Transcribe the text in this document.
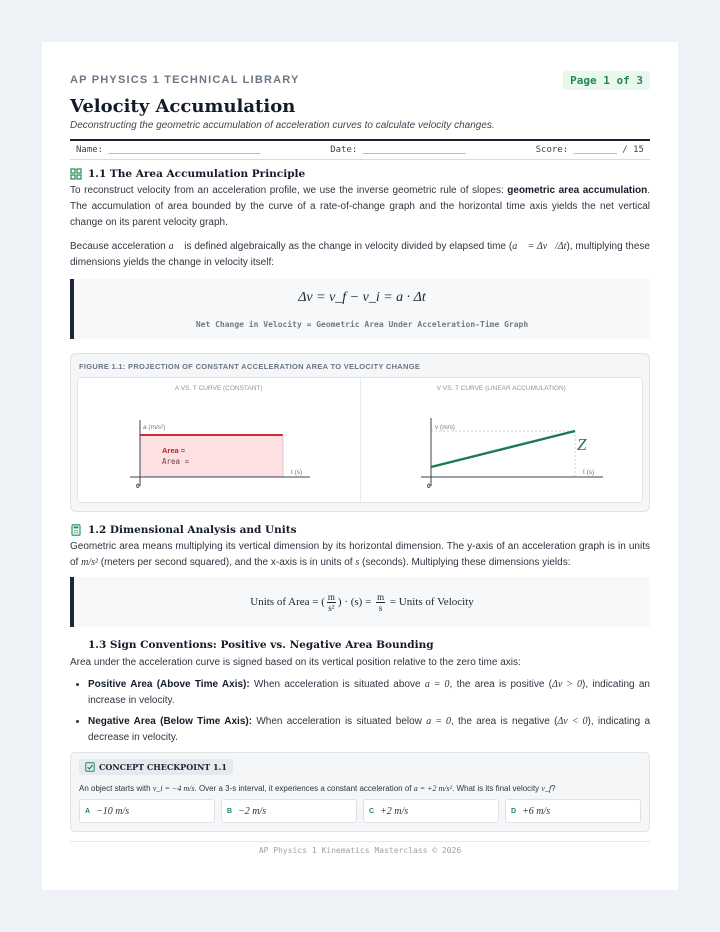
AP PHYSICS 1 TECHNICAL LIBRARY	Page 1 of 3
Velocity Accumulation
Deconstructing the geometric accumulation of acceleration curves to calculate velocity changes.
Name: ____________________________	Date: ___________________	Score: ________ / 15
1.1 The Area Accumulation Principle

To reconstruct velocity from an acceleration profile, we use the inverse geometric rule of slopes: geometric area accumulation. The accumulation of area bounded by the curve of a rate-of-change graph and the horizontal time axis yields the net vertical change on its parent velocity graph.

Because acceleration a⃗ is defined algebraically as the change in velocity divided by elapsed time (a⃗ = Δv⃗/Δt), multiplying these dimensions yields the change in velocity itself:

Δv = v_f − v_i = a · Δt
Net Change in Velocity = Geometric Area Under Acceleration-Time Graph
FIGURE 1.1: PROJECTION OF CONSTANT ACCELERATION AREA TO VELOCITY CHANGE
A VS. T CURVE (CONSTANT)
a (m/s²)
t (s)
0
Area =
Area =
V VS. T CURVE (LINEAR ACCUMULATION)
v (m/s)
t (s)
0
Z
1.2 Dimensional Analysis and Units

Geometric area means multiplying its vertical dimension by its horizontal dimension. The y-axis of an acceleration graph is in units of m/s² (meters per second squared), and the x-axis is in units of s (seconds). Multiplying these dimensions yields:

Units of Area = ( $\frac{m}{\text{s²}}$ ) · (s) =
$\frac{m}{s}$
= Units of Velocity
1.3 Sign Conventions: Positive vs. Negative Area Bounding

Area under the acceleration curve is signed based on its vertical position relative to the zero time axis:

• Positive Area (Above Time Axis): When acceleration is situated above a = 0, the area is positive (Δv > 0), indicating an increase in velocity.
• Negative Area (Below Time Axis): When acceleration is situated below a = 0, the area is negative (Δv < 0), indicating a decrease in velocity.
CONCEPT CHECKPOINT 1.1
An object starts with v_i = −4 m/s. Over a 3-s interval, it experiences a constant acceleration of a = +2 m/s². What is its final velocity v_f?
A −10 m/s	B −2 m/s	C +2 m/s	D +6 m/s
AP Physics 1 Kinematics Masterclass © 2026
